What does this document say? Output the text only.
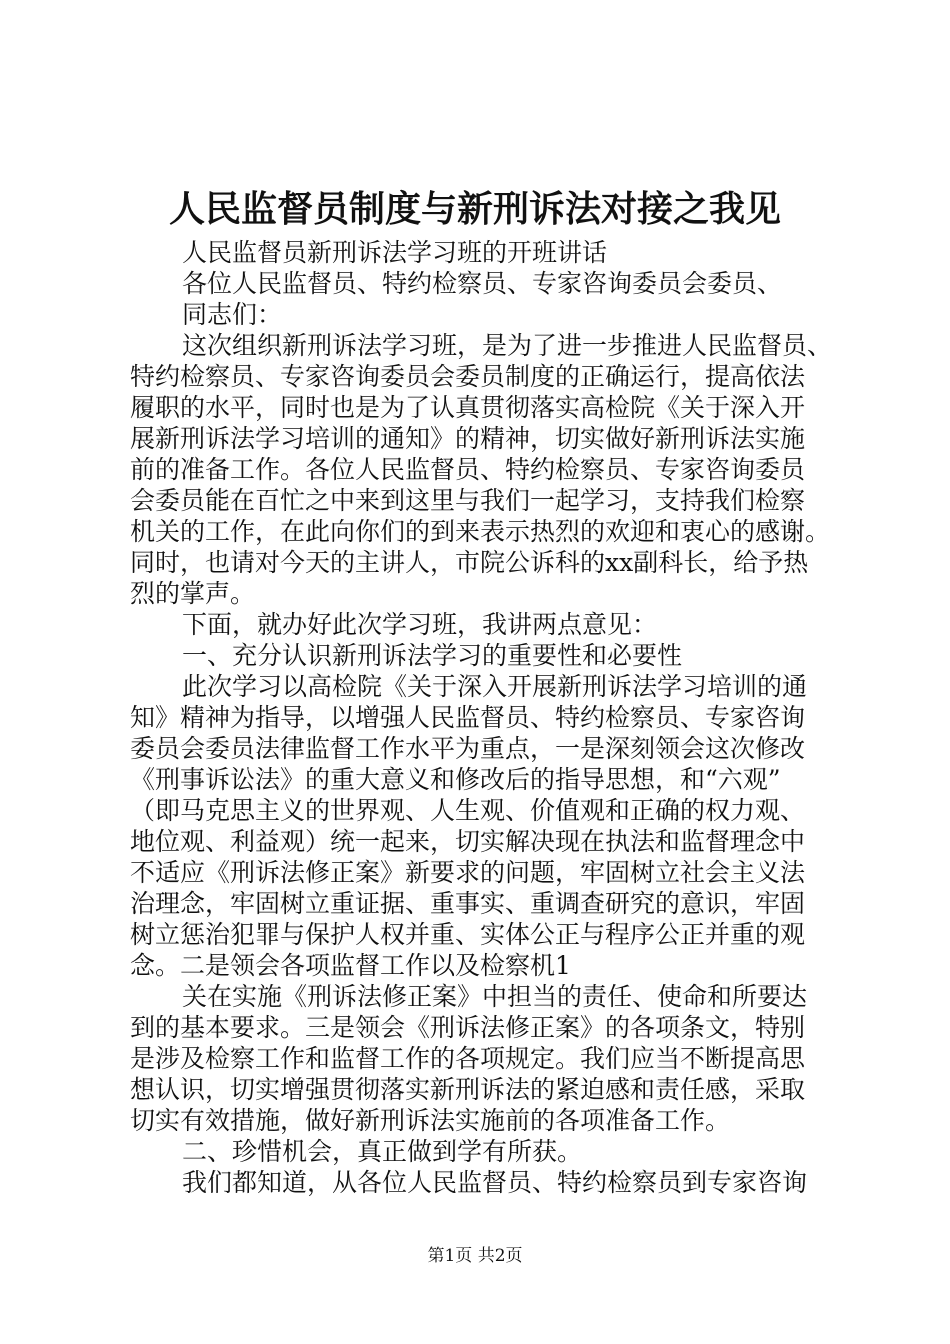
人民监督员制度与新刑诉法对接之我见
人民监督员新刑诉法学习班的开班讲话
各位人民监督员、特约检察员、专家咨询委员会委员、
同志们：
这次组织新刑诉法学习班，是为了进一步推进人民监督员、
特约检察员、专家咨询委员会委员制度的正确运行，提高依法
履职的水平，同时也是为了认真贯彻落实高检院《关于深入开
展新刑诉法学习培训的通知》的精神，切实做好新刑诉法实施
前的准备工作。各位人民监督员、特约检察员、专家咨询委员
会委员能在百忙之中来到这里与我们一起学习，支持我们检察
机关的工作，在此向你们的到来表示热烈的欢迎和衷心的感谢。
同时，也请对今天的主讲人，市院公诉科的xx副科长，给予热
烈的掌声。
下面，就办好此次学习班，我讲两点意见：
一、充分认识新刑诉法学习的重要性和必要性
此次学习以高检院《关于深入开展新刑诉法学习培训的通
知》精神为指导，以增强人民监督员、特约检察员、专家咨询
委员会委员法律监督工作水平为重点，一是深刻领会这次修改
《刑事诉讼法》的重大意义和修改后的指导思想，和“六观”
（即马克思主义的世界观、人生观、价值观和正确的权力观、
地位观、利益观）统一起来，切实解决现在执法和监督理念中
不适应《刑诉法修正案》新要求的问题，牢固树立社会主义法
治理念，牢固树立重证据、重事实、重调查研究的意识，牢固
树立惩治犯罪与保护人权并重、实体公正与程序公正并重的观
念。二是领会各项监督工作以及检察机1
关在实施《刑诉法修正案》中担当的责任、使命和所要达
到的基本要求。三是领会《刑诉法修正案》的各项条文，特别
是涉及检察工作和监督工作的各项规定。我们应当不断提高思
想认识，切实增强贯彻落实新刑诉法的紧迫感和责任感，采取
切实有效措施，做好新刑诉法实施前的各项准备工作。
二、珍惜机会，真正做到学有所获。
我们都知道，从各位人民监督员、特约检察员到专家咨询
第1页 共2页
